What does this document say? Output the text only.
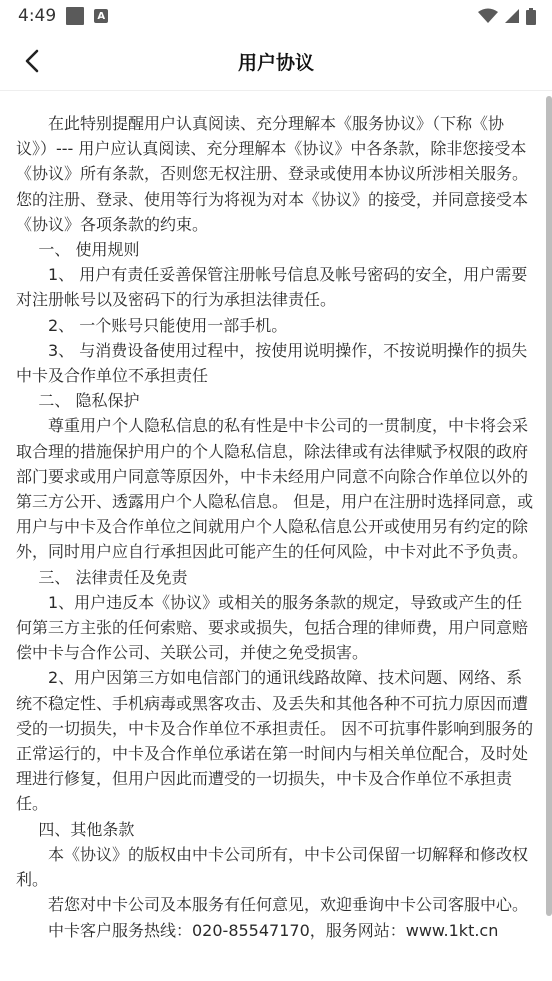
4:49	A
用户协议

在此特别提醒用户认真阅读、充分理解本《服务协议》（下称《协议》）--- 用户应认真阅读、充分理解本《协议》中各条款，除非您接受本《协议》所有条款，否则您无权注册、登录或使用本协议所涉相关服务。您的注册、登录、使用等行为将视为对本《协议》的接受，并同意接受本《协议》各项条款的约束。

一、 使用规则

1、 用户有责任妥善保管注册帐号信息及帐号密码的安全，用户需要对注册帐号以及密码下的行为承担法律责任。

2、 一个账号只能使用一部手机。

3、 与消费设备使用过程中，按使用说明操作，不按说明操作的损失中卡及合作单位不承担责任

二、 隐私保护

尊重用户个人隐私信息的私有性是中卡公司的一贯制度，中卡将会采取合理的措施保护用户的个人隐私信息，除法律或有法律赋予权限的政府部门要求或用户同意等原因外，中卡未经用户同意不向除合作单位以外的第三方公开、透露用户个人隐私信息。 但是，用户在注册时选择同意，或用户与中卡及合作单位之间就用户个人隐私信息公开或使用另有约定的除外，同时用户应自行承担因此可能产生的任何风险，中卡对此不予负责。

三、 法律责任及免责

1、用户违反本《协议》或相关的服务条款的规定，导致或产生的任何第三方主张的任何索赔、要求或损失，包括合理的律师费，用户同意赔偿中卡与合作公司、关联公司，并使之免受损害。

2、用户因第三方如电信部门的通讯线路故障、技术问题、网络、系统不稳定性、手机病毒或黑客攻击、及丢失和其他各种不可抗力原因而遭受的一切损失，中卡及合作单位不承担责任。 因不可抗事件影响到服务的正常运行的，中卡及合作单位承诺在第一时间内与相关单位配合，及时处理进行修复，但用户因此而遭受的一切损失，中卡及合作单位不承担责任。

四、其他条款

本《协议》的版权由中卡公司所有，中卡公司保留一切解释和修改权利。

若您对中卡公司及本服务有任何意见，欢迎垂询中卡公司客服中心。

中卡客户服务热线：020-85547170，服务网站：www.1kt.cn
